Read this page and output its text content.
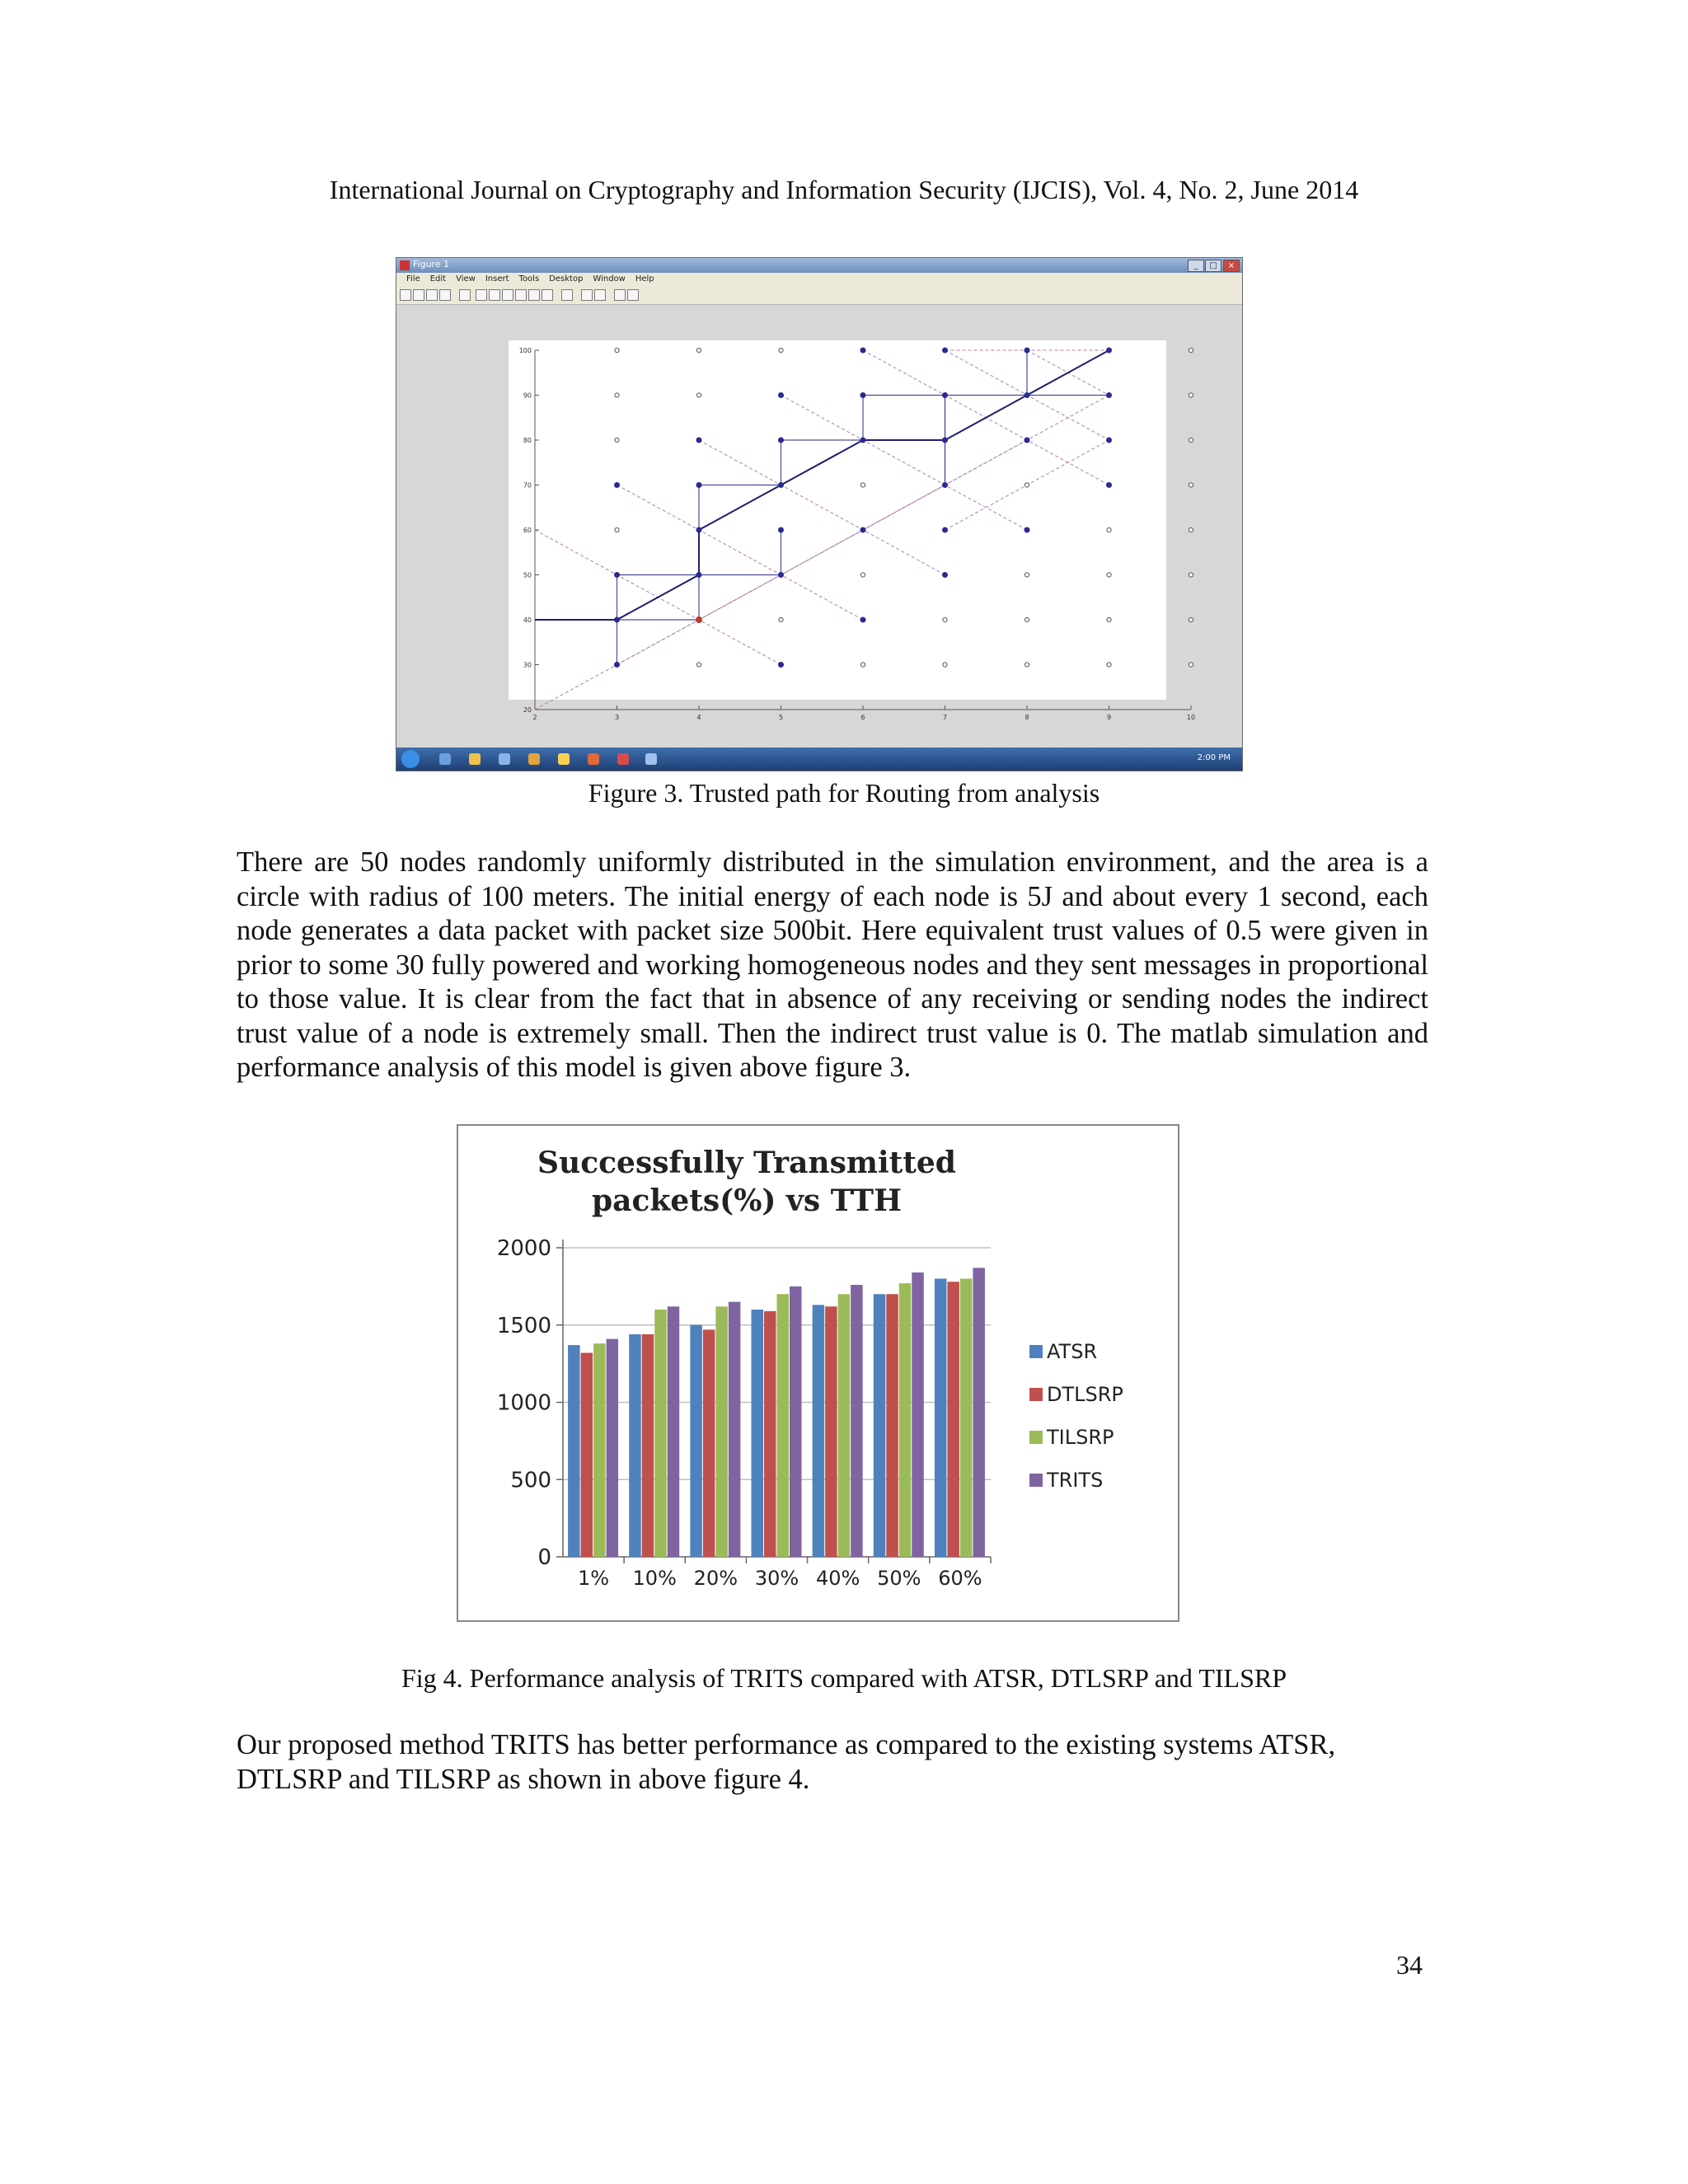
International Journal on Cryptography and Information Security (IJCIS), Vol. 4, No. 2, June 2014
Figure 1	_	□	×
File Edit View Insert Tools Desktop Window Help
100
90
80
70
60
50
40
30
20
2	3	4	5	6	7	8	9	10
2:00 PM
Figure 3. Trusted path for Routing from analysis

There are 50 nodes randomly uniformly distributed in the simulation environment, and the area is a circle with radius of 100 meters. The initial energy of each node is 5J and about every 1 second, each node generates a data packet with packet size 500bit. Here equivalent trust values of 0.5 were given in prior to some 30 fully powered and working homogeneous nodes and they sent messages in proportional to those value. It is clear from the fact that in absence of any receiving or sending nodes the indirect trust value of a node is extremely small. Then the indirect trust value is 0. The matlab simulation and performance analysis of this model is given above figure 3.

Successfully Transmitted packets(%) vs TTH
0
500
1000
1500
2000
1% 10% 20% 30% 40% 50% 60%
ATSR
DTLSRP
TILSRP
TRITS
Fig 4. Performance analysis of TRITS compared with ATSR, DTLSRP and TILSRP

Our proposed method TRITS has better performance as compared to the existing systems ATSR, DTLSRP and TILSRP as shown in above figure 4.

34
